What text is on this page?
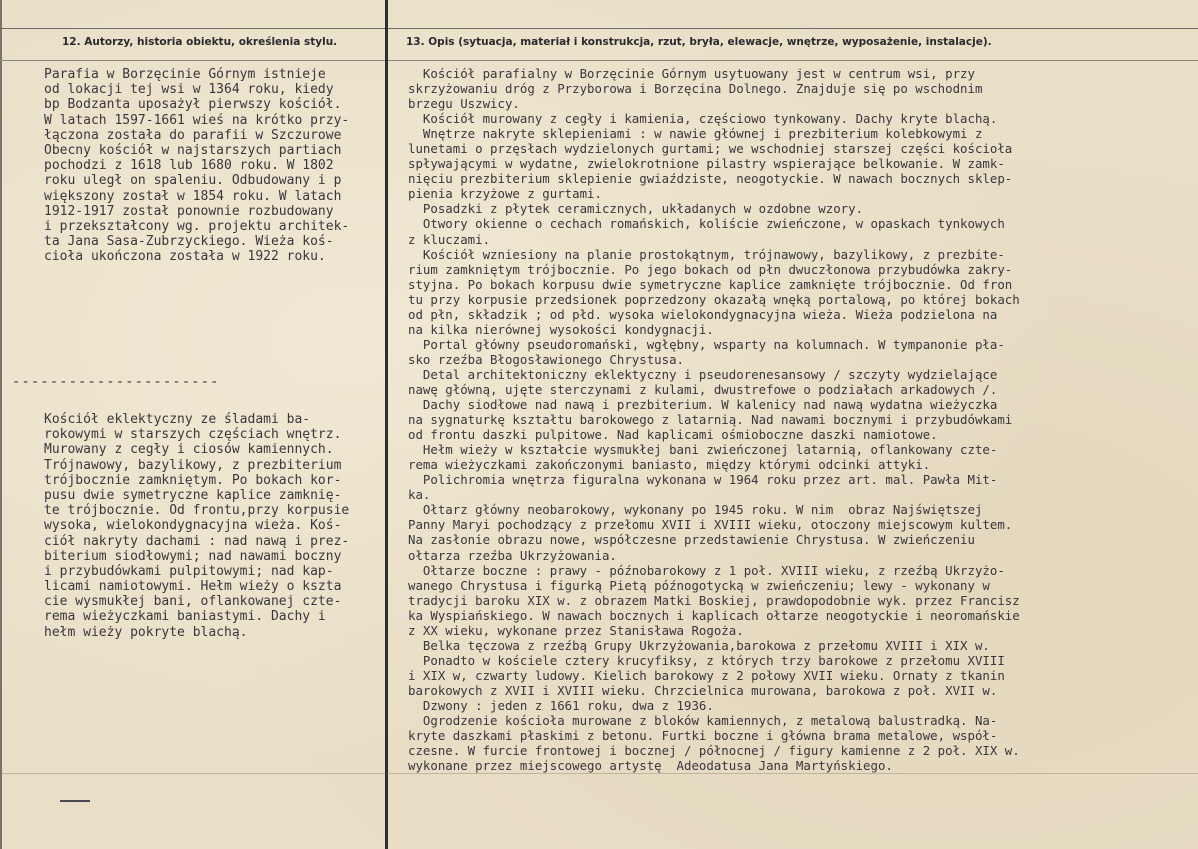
12. Autorzy, historia obiektu, określenia stylu.	13. Opis (sytuacja, materiał i konstrukcja, rzut, bryła, elewacje, wnętrze, wyposażenie, instalacje).
Parafia w Borzęcinie Górnym istnieje
od lokacji tej wsi w 1364 roku, kiedy
bp Bodzanta uposażył pierwszy kościół.
W latach 1597-1661 wieś na krótko przy-
łączona została do parafii w Szczurowe
Obecny kościół w najstarszych partiach
pochodzi z 1618 lub 1680 roku. W 1802
roku uległ on spaleniu. Odbudowany i p
większony został w 1854 roku. W latach
1912-1917 został ponownie rozbudowany
i przekształcony wg. projektu architek-
ta Jana Sasa-Zubrzyckiego. Wieża koś-
cioła ukończona została w 1922 roku.
----------------------
Kościół eklektyczny ze śladami ba-
rokowymi w starszych częściach wnętrz.
Murowany z cegły i ciosów kamiennych.
Trójnawowy, bazylikowy, z prezbiterium
trójbocznie zamkniętym. Po bokach kor-
pusu dwie symetryczne kaplice zamknię-
te trójbocznie. Od frontu,przy korpusie
wysoka, wielokondygnacyjna wieża. Koś-
ciół nakryty dachami : nad nawą i prez-
biterium siodłowymi; nad nawami boczny
i przybudówkami pulpitowymi; nad kap-
licami namiotowymi. Hełm wieży o kszta
cie wysmukłej bani, oflankowanej czte-
rema wieżyczkami baniastymi. Dachy i
hełm wieży pokryte blachą.
Kościół parafialny w Borzęcinie Górnym usytuowany jest w centrum wsi, przy
skrzyżowaniu dróg z Przyborowa i Borzęcina Dolnego. Znajduje się po wschodnim
brzegu Uszwicy.
Kościół murowany z cegły i kamienia, częściowo tynkowany. Dachy kryte blachą.
Wnętrze nakryte sklepieniami : w nawie głównej i prezbiterium kolebkowymi z
lunetami o przęsłach wydzielonych gurtami; we wschodniej starszej części kościoła
spływającymi w wydatne, zwielokrotnione pilastry wspierające belkowanie. W zamk-
nięciu prezbiterium sklepienie gwiaździste, neogotyckie. W nawach bocznych sklep-
pienia krzyżowe z gurtami.
Posadzki z płytek ceramicznych, układanych w ozdobne wzory.
Otwory okienne o cechach romańskich, koliście zwieńczone, w opaskach tynkowych
z kluczami.
Kościół wzniesiony na planie prostokątnym, trójnawowy, bazylikowy, z prezbite-
rium zamkniętym trójbocznie. Po jego bokach od płn dwuczłonowa przybudówka zakry-
styjna. Po bokach korpusu dwie symetryczne kaplice zamknięte trójbocznie. Od fron
tu przy korpusie przedsionek poprzedzony okazałą wnęką portalową, po której bokach
od płn, składzik ; od płd. wysoka wielokondygnacyjna wieża. Wieża podzielona na
na kilka nierównej wysokości kondygnacji.
Portal główny pseudoromański, wgłębny, wsparty na kolumnach. W tympanonie pła-
sko rzeźba Błogosławionego Chrystusa.
Detal architektoniczny eklektyczny i pseudorenesansowy / szczyty wydzielające
nawę główną, ujęte sterczynami z kulami, dwustrefowe o podziałach arkadowych /.
Dachy siodłowe nad nawą i prezbiterium. W kalenicy nad nawą wydatna wieżyczka
na sygnaturkę kształtu barokowego z latarnią. Nad nawami bocznymi i przybudówkami
od frontu daszki pulpitowe. Nad kaplicami ośmioboczne daszki namiotowe.
Hełm wieży w kształcie wysmukłej bani zwieńczonej latarnią, oflankowany czte-
rema wieżyczkami zakończonymi baniasto, między którymi odcinki attyki.
Polichromia wnętrza figuralna wykonana w 1964 roku przez art. mal. Pawła Mit-
ka.
Ołtarz główny neobarokowy, wykonany po 1945 roku. W nim  obraz Najświętszej
Panny Maryi pochodzący z przełomu XVII i XVIII wieku, otoczony miejscowym kultem.
Na zasłonie obrazu nowe, współczesne przedstawienie Chrystusa. W zwieńczeniu
ołtarza rzeźba Ukrzyżowania.
Ołtarze boczne : prawy - późnobarokowy z 1 poł. XVIII wieku, z rzeźbą Ukrzyżo-
wanego Chrystusa i figurką Pietą późnogotycką w zwieńczeniu; lewy - wykonany w
tradycji baroku XIX w. z obrazem Matki Boskiej, prawdopodobnie wyk. przez Francisz
ka Wyspiańskiego. W nawach bocznych i kaplicach ołtarze neogotyckie i neoromańskie
z XX wieku, wykonane przez Stanisława Rogoża.
Belka tęczowa z rzeźbą Grupy Ukrzyżowania,barokowa z przełomu XVIII i XIX w.
Ponadto w kościele cztery krucyfiksy, z których trzy barokowe z przełomu XVIII
i XIX w, czwarty ludowy. Kielich barokowy z 2 połowy XVII wieku. Ornaty z tkanin
barokowych z XVII i XVIII wieku. Chrzcielnica murowana, barokowa z poł. XVII w.
Dzwony : jeden z 1661 roku, dwa z 1936.
Ogrodzenie kościoła murowane z bloków kamiennych, z metalową balustradką. Na-
kryte daszkami płaskimi z betonu. Furtki boczne i główna brama metalowe, współ-
czesne. W furcie frontowej i bocznej / północnej / figury kamienne z 2 poł. XIX w.
wykonane przez miejscowego artystę  Adeodatusa Jana Martyńskiego.
